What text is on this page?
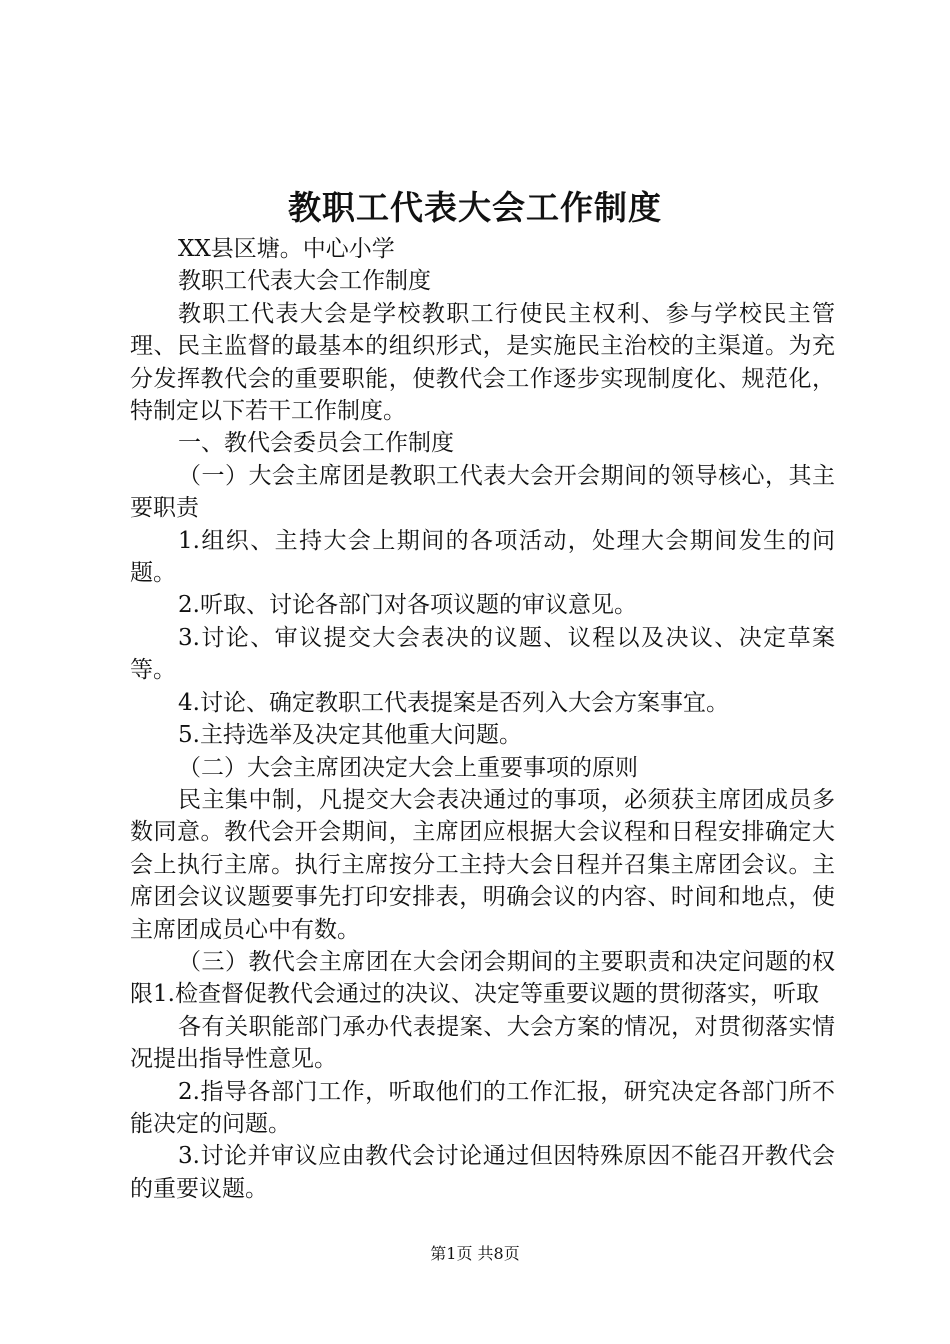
教职工代表大会工作制度

XX县区塘。中心小学

教职工代表大会工作制度

教职工代表大会是学校教职工行使民主权利、参与学校民主管理、民主监督的最基本的组织形式，是实施民主治校的主渠道。为充分发挥教代会的重要职能，使教代会工作逐步实现制度化、规范化，特制定以下若干工作制度。

一、教代会委员会工作制度

（一）大会主席团是教职工代表大会开会期间的领导核心，其主要职责

1.组织、主持大会上期间的各项活动，处理大会期间发生的问题。

2.听取、讨论各部门对各项议题的审议意见。

3.讨论、审议提交大会表决的议题、议程以及决议、决定草案等。

4.讨论、确定教职工代表提案是否列入大会方案事宜。

5.主持选举及决定其他重大问题。

（二）大会主席团决定大会上重要事项的原则

民主集中制，凡提交大会表决通过的事项，必须获主席团成员多数同意。教代会开会期间，主席团应根据大会议程和日程安排确定大会上执行主席。执行主席按分工主持大会日程并召集主席团会议。主席团会议议题要事先打印安排表，明确会议的内容、时间和地点，使主席团成员心中有数。

（三）教代会主席团在大会闭会期间的主要职责和决定问题的权限1.检查督促教代会通过的决议、决定等重要议题的贯彻落实，听取

各有关职能部门承办代表提案、大会方案的情况，对贯彻落实情况提出指导性意见。

2.指导各部门工作，听取他们的工作汇报，研究决定各部门所不能决定的问题。

3.讨论并审议应由教代会讨论通过但因特殊原因不能召开教代会的重要议题。

第1页 共8页
